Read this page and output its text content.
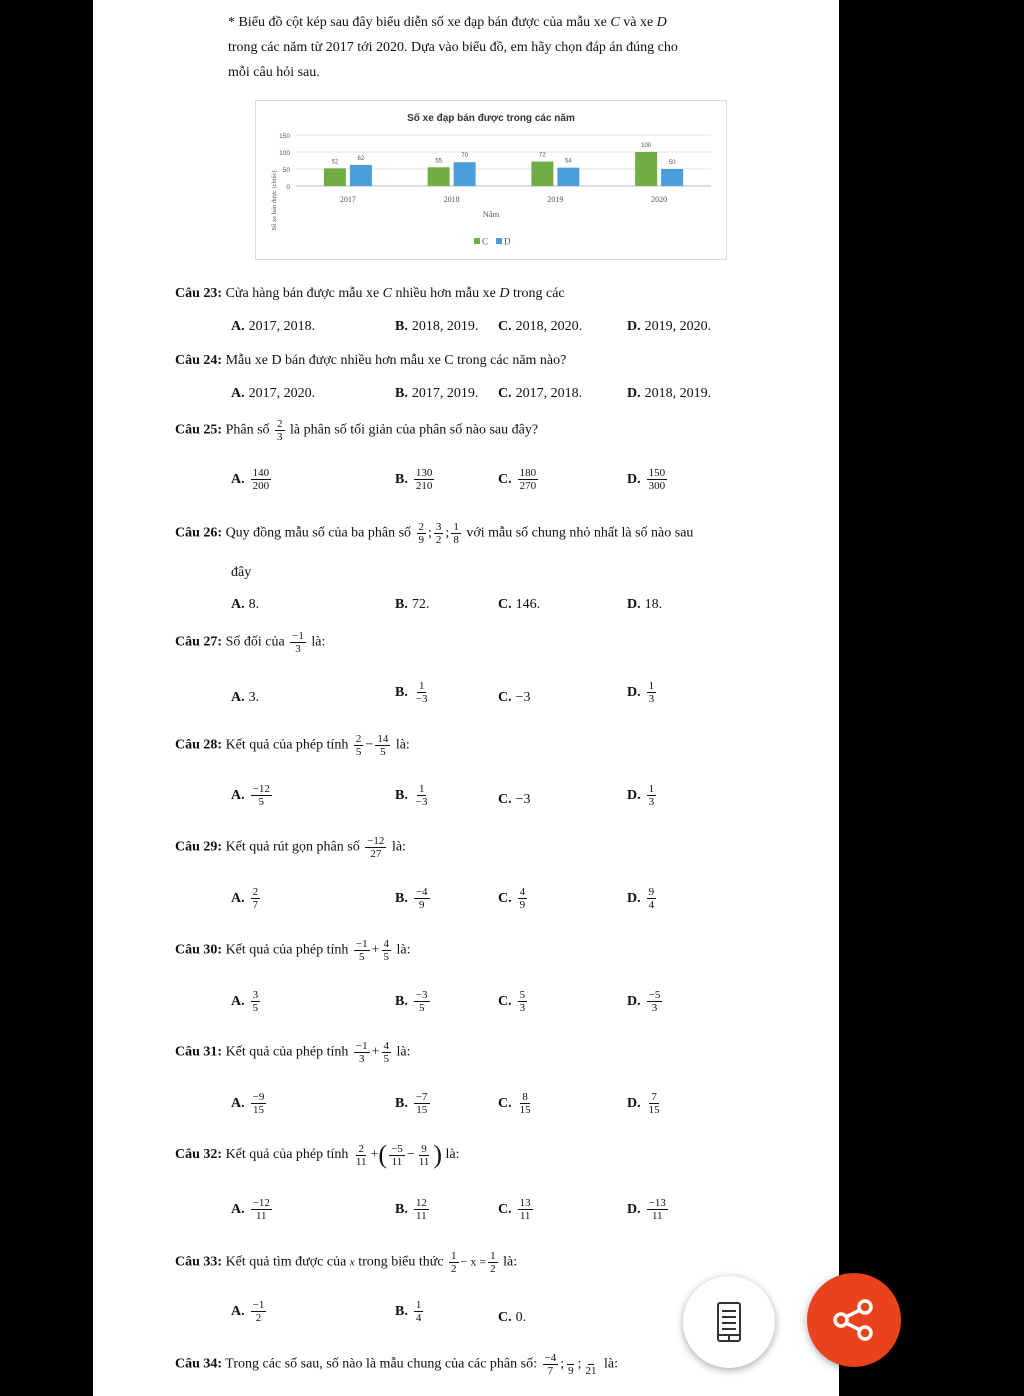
* Biểu đồ cột kép sau đây biểu diễn số xe đạp bán được của mẫu xe C và xe D
trong các năm từ 2017 tới 2020. Dựa vào biểu đồ, em hãy chọn đáp án đúng cho
mỗi câu hỏi sau.
Số xe đạp bán được trong các năm
150
100
50
0
Số xe bán được (chiếc)
52
62
2017
55
70
2018
72
54
2019
100
50
2020
Năm
C D
Câu 23: Cửa hàng bán được mẫu xe C nhiều hơn mẫu xe D trong các
A. 2017, 2018.	B. 2018, 2019. C. 2018, 2020.	D. 2019, 2020.
Câu 24: Mẫu xe D bán được nhiều hơn mẫu xe C trong các năm nào?
A. 2017, 2020.	B. 2017, 2019. C. 2017, 2018.	D. 2018, 2019.
Câu 25: Phân số $\frac{2}{3}$ là phân số tối giản của phân số nào sau đây?
A. $\frac{140}{200}$	B. $\frac{130}{210}$	C. $\frac{180}{270}$	D. $\frac{150}{300}$
Câu 26: Quy đồng mẫu số của ba phân số $\frac{2}{9}$ ; $\frac{3}{2}$ ; $\frac{1}{8}$ với mẫu số chung nhỏ nhất là số nào sau
đây
A. 8.	B. 72.	C. 146.	D. 18.
Câu 27: Số đối của $\frac{-1}{3}$ là:
A. 3.	B. $\frac{1}{-3}$	C. −3	D. $\frac{1}{3}$
Câu 28: Kết quả của phép tính $\frac{2}{5} - \frac{14}{5}$ là:
A. $\frac{-12}{5}$	B. $\frac{1}{-3}$	C. −3	D. $\frac{1}{3}$
Câu 29: Kết quả rút gọn phân số $\frac{-12}{27}$ là:
A. $\frac{2}{7}$	B. $\frac{-4}{9}$	C. $\frac{4}{9}$	D. $\frac{9}{4}$
Câu 30: Kết quả của phép tính $\frac{-1}{5} + \frac{4}{5}$ là:
A. $\frac{3}{5}$	B. $\frac{-3}{5}$	C. $\frac{5}{3}$	D. $\frac{-5}{3}$
Câu 31: Kết quả của phép tính $\frac{-1}{3} + \frac{4}{5}$ là:
A. $\frac{-9}{15}$	B. $\frac{-7}{15}$	C. $\frac{8}{15}$	D. $\frac{7}{15}$
Câu 32: Kết quả của phép tính $\frac{2}{11}$ +( $\frac{-5}{11} - \frac{9}{11}$ ) là:
A. $\frac{-12}{11}$	B. $\frac{12}{11}$	C. $\frac{13}{11}$	D. $\frac{-13}{11}$
Câu 33: Kết quả tìm được của x trong biểu thức $\frac{1}{2} - x = \frac{1}{2}$ là:
A. $\frac{-1}{2}$	B. $\frac{1}{4}$	C. 0.
Câu 34: Trong các số sau, số nào là mẫu chung của các phân số: $\frac{-4}{7}$ ;
9 ;
21 là:
